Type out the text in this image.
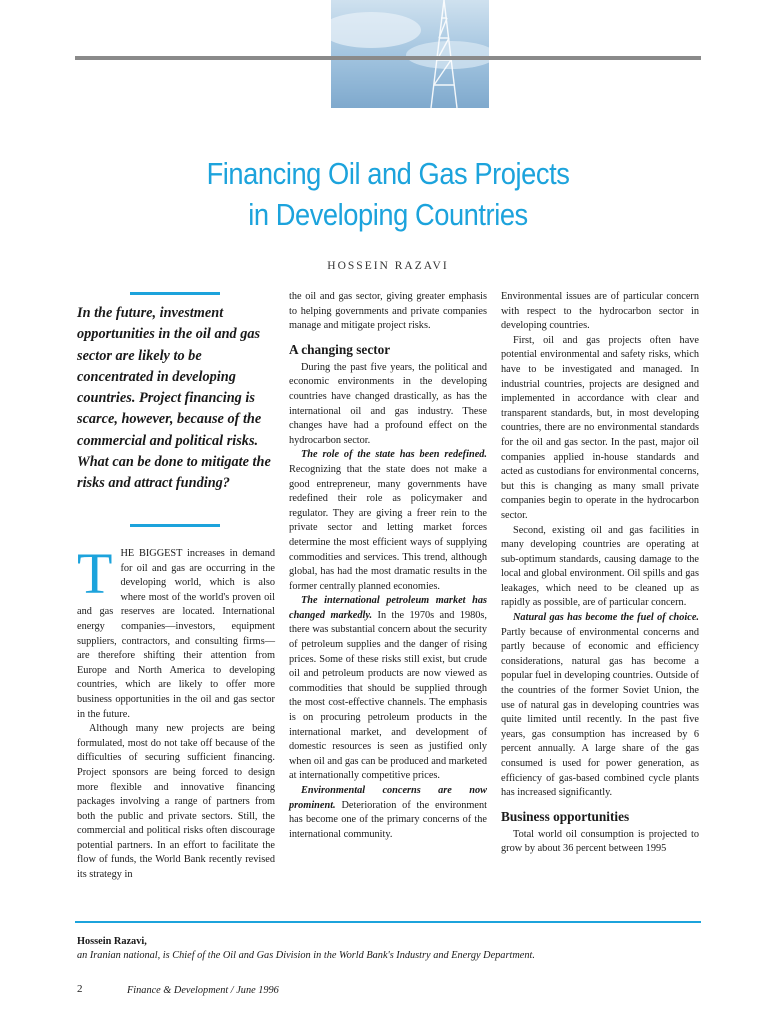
Financing Oil and Gas Projects
in Developing Countries
HOSSEIN RAZAVI
In the future, investment opportunities in the oil and gas sector are likely to be concentrated in developing countries. Project financing is scarce, however, because of the commercial and political risks. What can be done to mitigate the risks and attract funding?

THE BIGGEST increases in demand for oil and gas are occurring in the developing world, which is also where most of the world's proven oil and gas reserves are located. International energy companies—investors, equipment suppliers, contractors, and consulting firms—are therefore shifting their attention from Europe and North America to developing countries, which are likely to offer more business opportunities in the oil and gas sector in the future.

Although many new projects are being formulated, most do not take off because of the difficulties of securing sufficient financing. Project sponsors are being forced to design more flexible and innovative financing packages involving a range of partners from both the public and private sectors. Still, the commercial and political risks often discourage potential partners. In an effort to facilitate the flow of funds, the World Bank recently revised its strategy in

the oil and gas sector, giving greater emphasis to helping governments and private companies manage and mitigate project risks.

A changing sector

During the past five years, the political and economic environments in the developing countries have changed drastically, as has the international oil and gas industry. These changes have had a profound effect on the hydrocarbon sector.

The role of the state has been redefined. Recognizing that the state does not make a good entrepreneur, many governments have redefined their role as policymaker and regulator. They are giving a freer rein to the private sector and letting market forces determine the most efficient ways of supplying commodities and services. This trend, although global, has had the most dramatic results in the former centrally planned economies.

The international petroleum market has changed markedly. In the 1970s and 1980s, there was substantial concern about the security of petroleum supplies and the danger of rising prices. Some of these risks still exist, but crude oil and petroleum products are now viewed as commodities that should be supplied through the most cost-effective channels. The emphasis is on procuring petroleum products in the international market, and development of domestic resources is seen as justified only when oil and gas can be produced and marketed at internationally competitive prices.

Environmental concerns are now prominent. Deterioration of the environment has become one of the primary concerns of the international community.

Environmental issues are of particular concern with respect to the hydrocarbon sector in developing countries.

First, oil and gas projects often have potential environmental and safety risks, which have to be investigated and managed. In industrial countries, projects are designed and implemented in accordance with clear and transparent standards, but, in most developing countries, there are no environmental standards for the oil and gas sector. In the past, major oil companies applied in-house standards and acted as custodians for environmental concerns, but this is changing as many small private companies begin to operate in the hydrocarbon sector.

Second, existing oil and gas facilities in many developing countries are operating at sub-optimum standards, causing damage to the local and global environment. Oil spills and gas leakages, which need to be cleaned up as rapidly as possible, are of particular concern.

Natural gas has become the fuel of choice. Partly because of environmental concerns and partly because of economic and efficiency considerations, natural gas has become a popular fuel in developing countries. Outside of the countries of the former Soviet Union, the use of natural gas in developing countries was quite limited until recently. In the past five years, gas consumption has increased by 6 percent annually. A large share of the gas consumed is used for power generation, as efficiency of gas-based combined cycle plants has increased significantly.

Business opportunities

Total world oil consumption is projected to grow by about 36 percent between 1995

Hossein Razavi,
an Iranian national, is Chief of the Oil and Gas Division in the World Bank's Industry and Energy Department.
2	Finance & Development / June 1996
